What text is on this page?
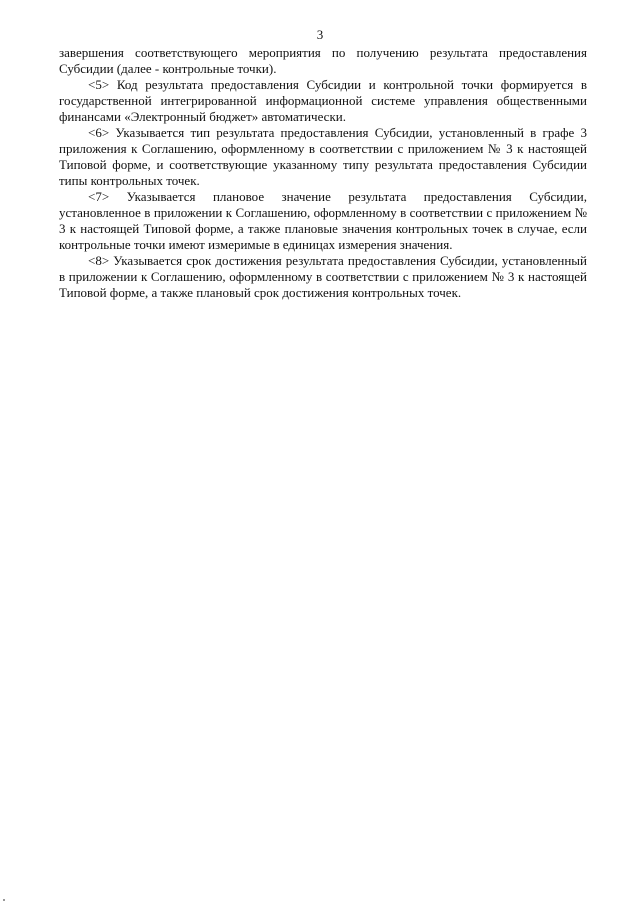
3

завершения соответствующего мероприятия по получению результата предоставления Субсидии (далее - контрольные точки).

<5> Код результата предоставления Субсидии и контрольной точки формируется в государственной интегрированной информационной системе управления общественными финансами «Электронный бюджет» автоматически.

<6> Указывается тип результата предоставления Субсидии, установленный в графе 3 приложения к Соглашению, оформленному в соответствии с приложением № 3 к настоящей Типовой форме, и соответствующие указанному типу результата предоставления Субсидии типы контрольных точек.

<7> Указывается плановое значение результата предоставления Субсидии, установленное в приложении к Соглашению, оформленному в соответствии с приложением № 3 к настоящей Типовой форме, а также плановые значения контрольных точек в случае, если контрольные точки имеют измеримые в единицах измерения значения.

<8> Указывается срок достижения результата предоставления Субсидии, установленный в приложении к Соглашению, оформленному в соответствии с приложением № 3 к настоящей Типовой форме, а также плановый срок достижения контрольных точек.
